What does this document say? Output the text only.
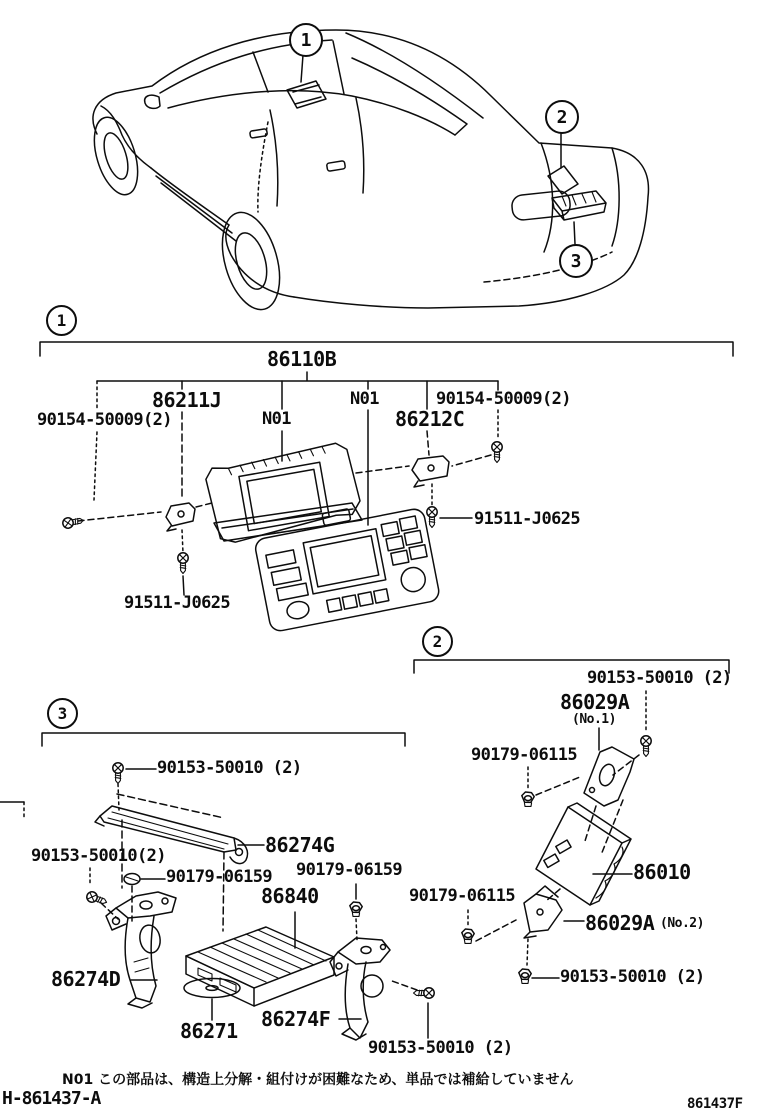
1
2
3
1
2
3
86110B
86211J	N01	90154-50009(2)
90154-50009(2)	N01	86212C
91511-J0625
91511-J0625
90153-50010 (2)
86029A
(No.1)
90179-06115
86010
86029A (No.2)
90153-50010 (2)
90153-50010 (2)
86274G
90153-50010(2)
90179-06159 90179-06159
86840	90179-06115
86274D
86271 86274F
90153-50010 (2)
N01 この部品は、構造上分解・組付けが困難なため、単品では補給していません
H-861437-A	861437F
